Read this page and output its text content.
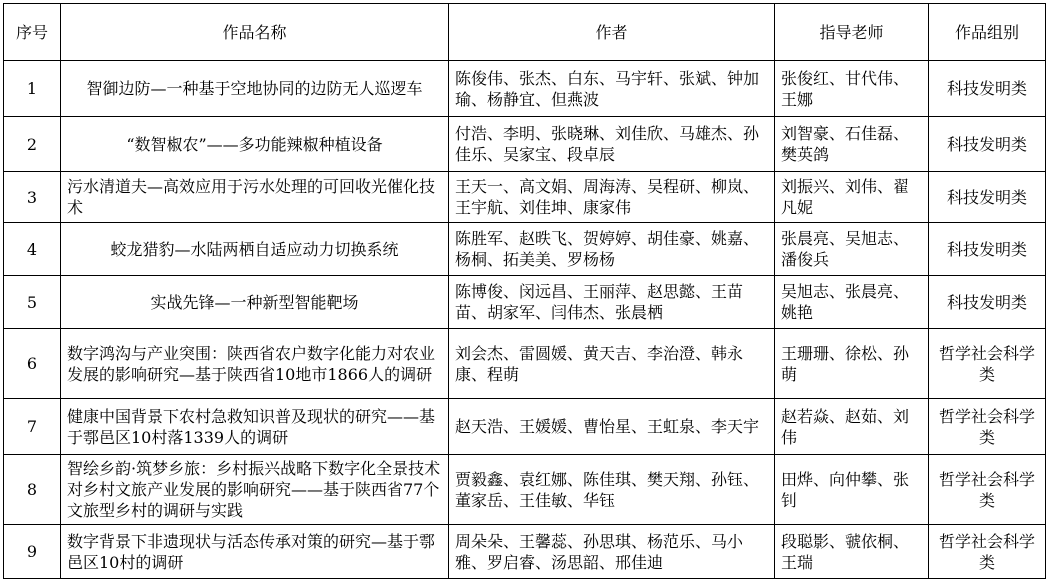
序号	作品名称	作者	指导老师	作品组别
1	智御边防—一种基于空地协同的边防无人巡逻车	陈俊伟、张杰、白东、马宇轩、张斌、钟加瑜、杨静宜、但燕波	张俊红、甘代伟、王娜	科技发明类
2	“数智椒农”——多功能辣椒种植设备	付浩、李明、张晓琳、刘佳欣、马雄杰、孙佳乐、吴家宝、段卓辰	刘智豪、石佳磊、樊英鸽	科技发明类
3	污水清道夫—高效应用于污水处理的可回收光催化技术	王天一、高文娟、周海涛、吴程研、柳岚、王宇航、刘佳坤、康家伟	刘振兴、刘伟、翟凡妮	科技发明类
4	蛟龙猎豹—水陆两栖自适应动力切换系统	陈胜军、赵昳飞、贺婷婷、胡佳豪、姚嘉、杨桐、拓美美、罗杨杨	张晨亮、吴旭志、潘俊兵	科技发明类
5	实战先锋—一种新型智能靶场	陈博俊、闵远昌、王丽萍、赵思懿、王苗苗、胡家军、闫伟杰、张晨栖	吴旭志、张晨亮、姚艳	科技发明类
6	数字鸿沟与产业突围：陕西省农户数字化能力对农业发展的影响研究—基于陕西省10地市1866人的调研	刘会杰、雷圆媛、黄天吉、李治澄、韩永康、程萌	王珊珊、徐松、孙萌	哲学社会科学类
7	健康中国背景下农村急救知识普及现状的研究——基于鄠邑区10村落1339人的调研	赵天浩、王媛媛、曹怡星、王虹泉、李天宇	赵若焱、赵茹、刘伟	哲学社会科学类
8	智绘乡韵·筑梦乡旅：乡村振兴战略下数字化全景技术对乡村文旅产业发展的影响研究——基于陕西省77个文旅型乡村的调研与实践	贾毅鑫、袁红娜、陈佳琪、樊天翔、孙钰、董家岳、王佳敏、华钰	田烨、向仲攀、张钊	哲学社会科学类
9	数字背景下非遗现状与活态传承对策的研究—基于鄠邑区10村的调研	周朵朵、王馨蕊、孙思琪、杨范乐、马小雅、罗启睿、汤思韶、邢佳迪	段聪影、虢依桐、王瑞	哲学社会科学类
